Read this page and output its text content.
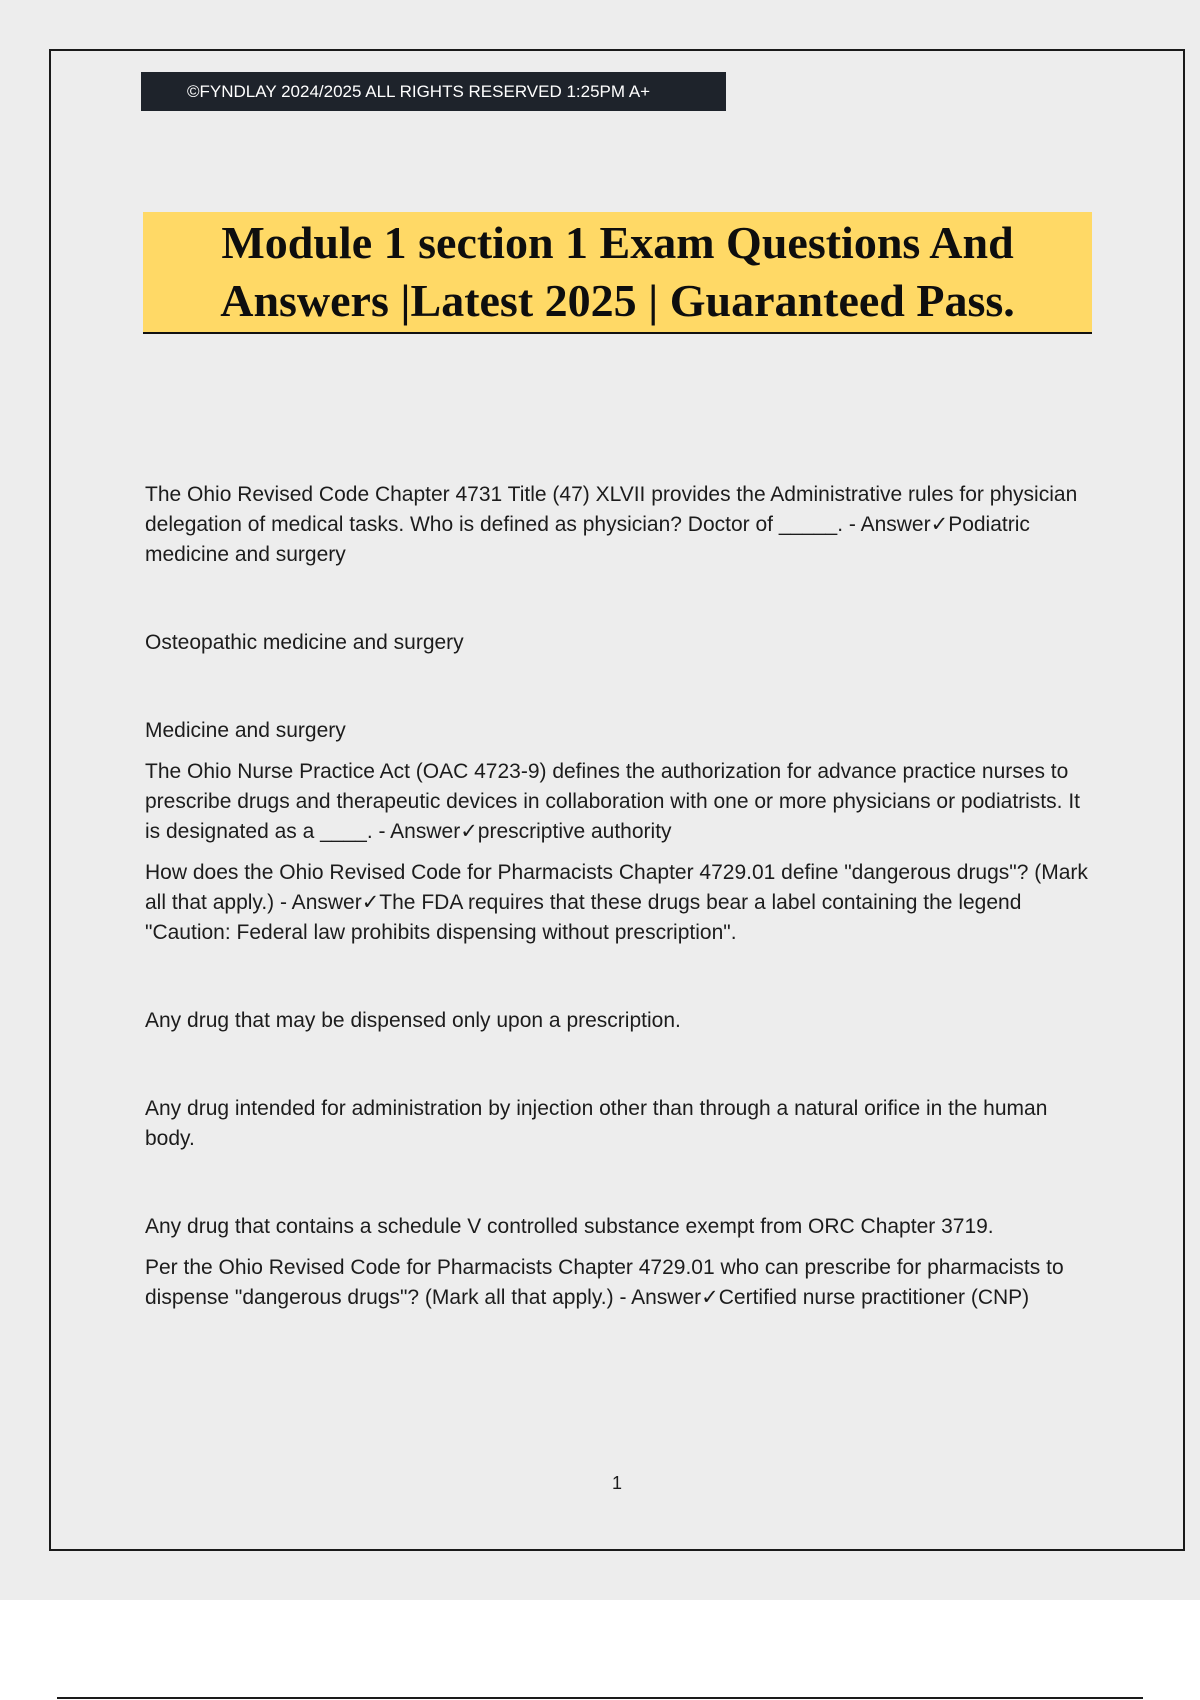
©FYNDLAY 2024/2025 ALL RIGHTS RESERVED 1:25PM A+
Module 1 section 1 Exam Questions And Answers |Latest 2025 | Guaranteed Pass.

The Ohio Revised Code Chapter 4731 Title (47) XLVII provides the Administrative rules for physician delegation of medical tasks. Who is defined as physician? Doctor of _____. - Answer✓Podiatric medicine and surgery

Osteopathic medicine and surgery

Medicine and surgery

The Ohio Nurse Practice Act (OAC 4723-9) defines the authorization for advance practice nurses to prescribe drugs and therapeutic devices in collaboration with one or more physicians or podiatrists. It is designated as a ____. - Answer✓prescriptive authority

How does the Ohio Revised Code for Pharmacists Chapter 4729.01 define "dangerous drugs"? (Mark all that apply.) - Answer✓The FDA requires that these drugs bear a label containing the legend "Caution: Federal law prohibits dispensing without prescription".

Any drug that may be dispensed only upon a prescription.

Any drug intended for administration by injection other than through a natural orifice in the human body.

Any drug that contains a schedule V controlled substance exempt from ORC Chapter 3719.

Per the Ohio Revised Code for Pharmacists Chapter 4729.01 who can prescribe for pharmacists to dispense "dangerous drugs"? (Mark all that apply.) - Answer✓Certified nurse practitioner (CNP)

1
